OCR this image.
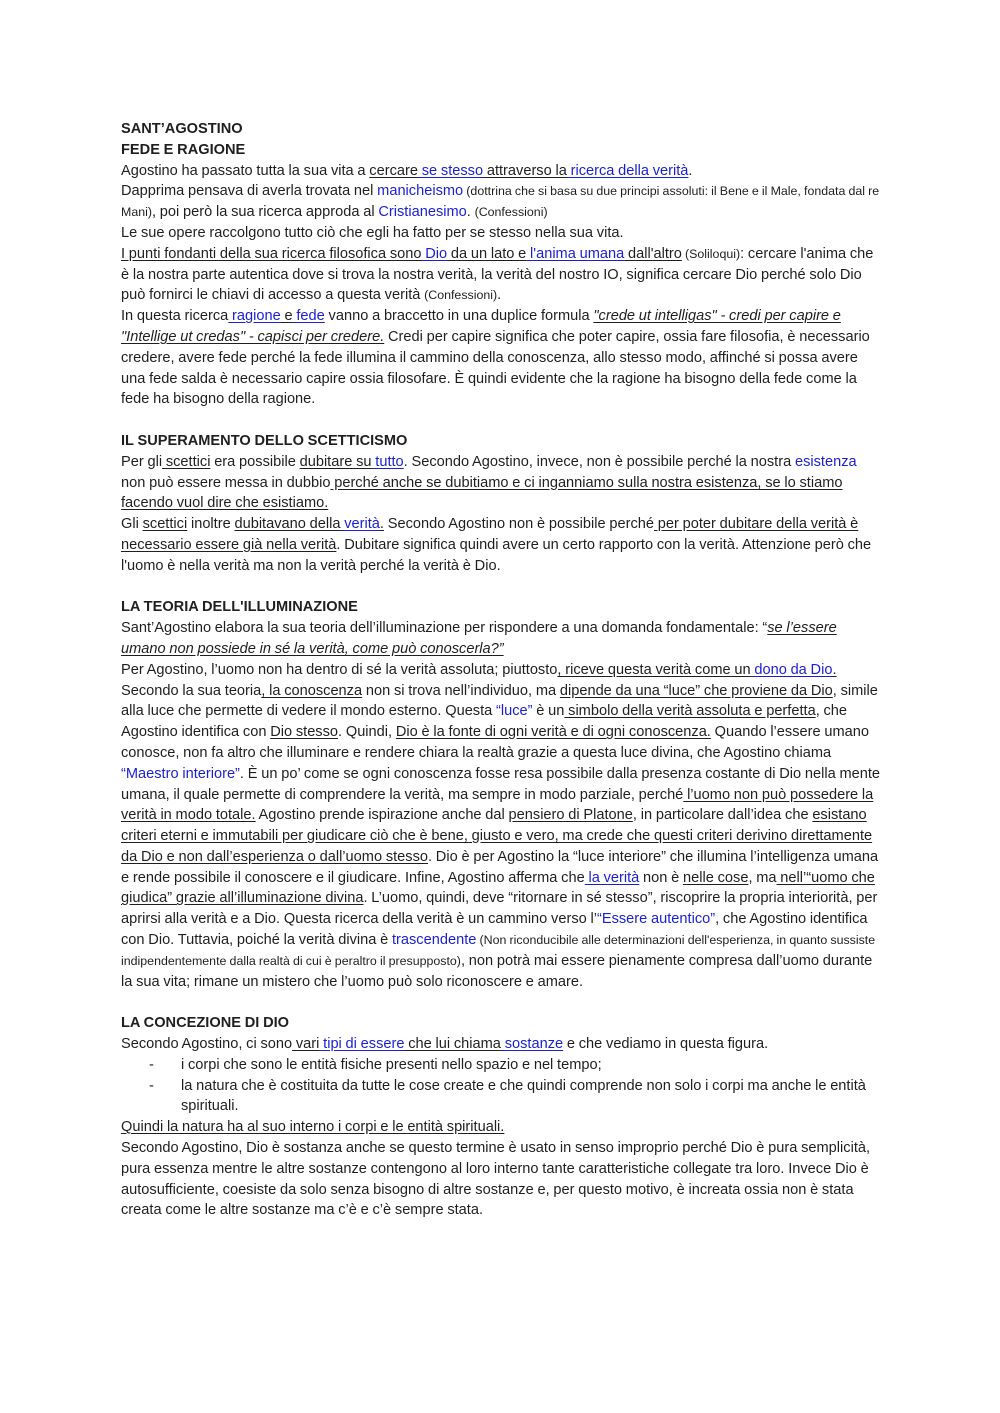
SANT’AGOSTINO

FEDE E RAGIONE

Agostino ha passato tutta la sua vita a cercare se stesso attraverso la ricerca della verità.

Dapprima pensava di averla trovata nel manicheismo (dottrina che si basa su due principi assoluti: il Bene e il Male, fondata dal re Mani), poi però la sua ricerca approda al Cristianesimo. (Confessioni)

Le sue opere raccolgono tutto ciò che egli ha fatto per se stesso nella sua vita.

I punti fondanti della sua ricerca filosofica sono Dio da un lato e l'anima umana dall'altro (Soliloqui): cercare l'anima che è la nostra parte autentica dove si trova la nostra verità, la verità del nostro IO, significa cercare Dio perché solo Dio può fornirci le chiavi di accesso a questa verità (Confessioni).

In questa ricerca ragione e fede vanno a braccetto in una duplice formula "crede ut intelligas" - credi per capire e "Intellige ut credas" - capisci per credere. Credi per capire significa che poter capire, ossia fare filosofia, è necessario credere, avere fede perché la fede illumina il cammino della conoscenza, allo stesso modo, affinché si possa avere una fede salda è necessario capire ossia filosofare. È quindi evidente che la ragione ha bisogno della fede come la fede ha bisogno della ragione.

IL SUPERAMENTO DELLO SCETTICISMO

Per gli scettici era possibile dubitare su tutto. Secondo Agostino, invece, non è possibile perché la nostra esistenza non può essere messa in dubbio perché anche se dubitiamo e ci inganniamo sulla nostra esistenza, se lo stiamo facendo vuol dire che esistiamo.

Gli scettici inoltre dubitavano della verità. Secondo Agostino non è possibile perché per poter dubitare della verità è necessario essere già nella verità. Dubitare significa quindi avere un certo rapporto con la verità. Attenzione però che l'uomo è nella verità ma non la verità perché la verità è Dio.

LA TEORIA DELL'ILLUMINAZIONE

Sant’Agostino elabora la sua teoria dell’illuminazione per rispondere a una domanda fondamentale: “se l’essere umano non possiede in sé la verità, come può conoscerla?”

Per Agostino, l’uomo non ha dentro di sé la verità assoluta; piuttosto, riceve questa verità come un dono da Dio. Secondo la sua teoria, la conoscenza non si trova nell’individuo, ma dipende da una “luce” che proviene da Dio, simile alla luce che permette di vedere il mondo esterno. Questa “luce” è un simbolo della verità assoluta e perfetta, che Agostino identifica con Dio stesso. Quindi, Dio è la fonte di ogni verità e di ogni conoscenza. Quando l’essere umano conosce, non fa altro che illuminare e rendere chiara la realtà grazie a questa luce divina, che Agostino chiama “Maestro interiore”. È un po’ come se ogni conoscenza fosse resa possibile dalla presenza costante di Dio nella mente umana, il quale permette di comprendere la verità, ma sempre in modo parziale, perché l’uomo non può possedere la verità in modo totale. Agostino prende ispirazione anche dal pensiero di Platone, in particolare dall’idea che esistano criteri eterni e immutabili per giudicare ciò che è bene, giusto e vero, ma crede che questi criteri derivino direttamente da Dio e non dall’esperienza o dall’uomo stesso. Dio è per Agostino la “luce interiore” che illumina l’intelligenza umana e rende possibile il conoscere e il giudicare. Infine, Agostino afferma che la verità non è nelle cose, ma nell’“uomo che giudica” grazie all’illuminazione divina. L’uomo, quindi, deve “ritornare in sé stesso”, riscoprire la propria interiorità, per aprirsi alla verità e a Dio. Questa ricerca della verità è un cammino verso l’“Essere autentico”, che Agostino identifica con Dio. Tuttavia, poiché la verità divina è trascendente (Non riconducibile alle determinazioni dell'esperienza, in quanto sussiste indipendentemente dalla realtà di cui è peraltro il presupposto), non potrà mai essere pienamente compresa dall’uomo durante la sua vita; rimane un mistero che l’uomo può solo riconoscere e amare.

LA CONCEZIONE DI DIO

Secondo Agostino, ci sono vari tipi di essere che lui chiama sostanze e che vediamo in questa figura.

- i corpi che sono le entità fisiche presenti nello spazio e nel tempo;
- la natura che è costituita da tutte le cose create e che quindi comprende non solo i corpi ma anche le entità spirituali.

Quindi la natura ha al suo interno i corpi e le entità spirituali.

Secondo Agostino, Dio è sostanza anche se questo termine è usato in senso improprio perché Dio è pura semplicità, pura essenza mentre le altre sostanze contengono al loro interno tante caratteristiche collegate tra loro. Invece Dio è autosufficiente, coesiste da solo senza bisogno di altre sostanze e, per questo motivo, è increata ossia non è stata creata come le altre sostanze ma c’è e c’è sempre stata.
